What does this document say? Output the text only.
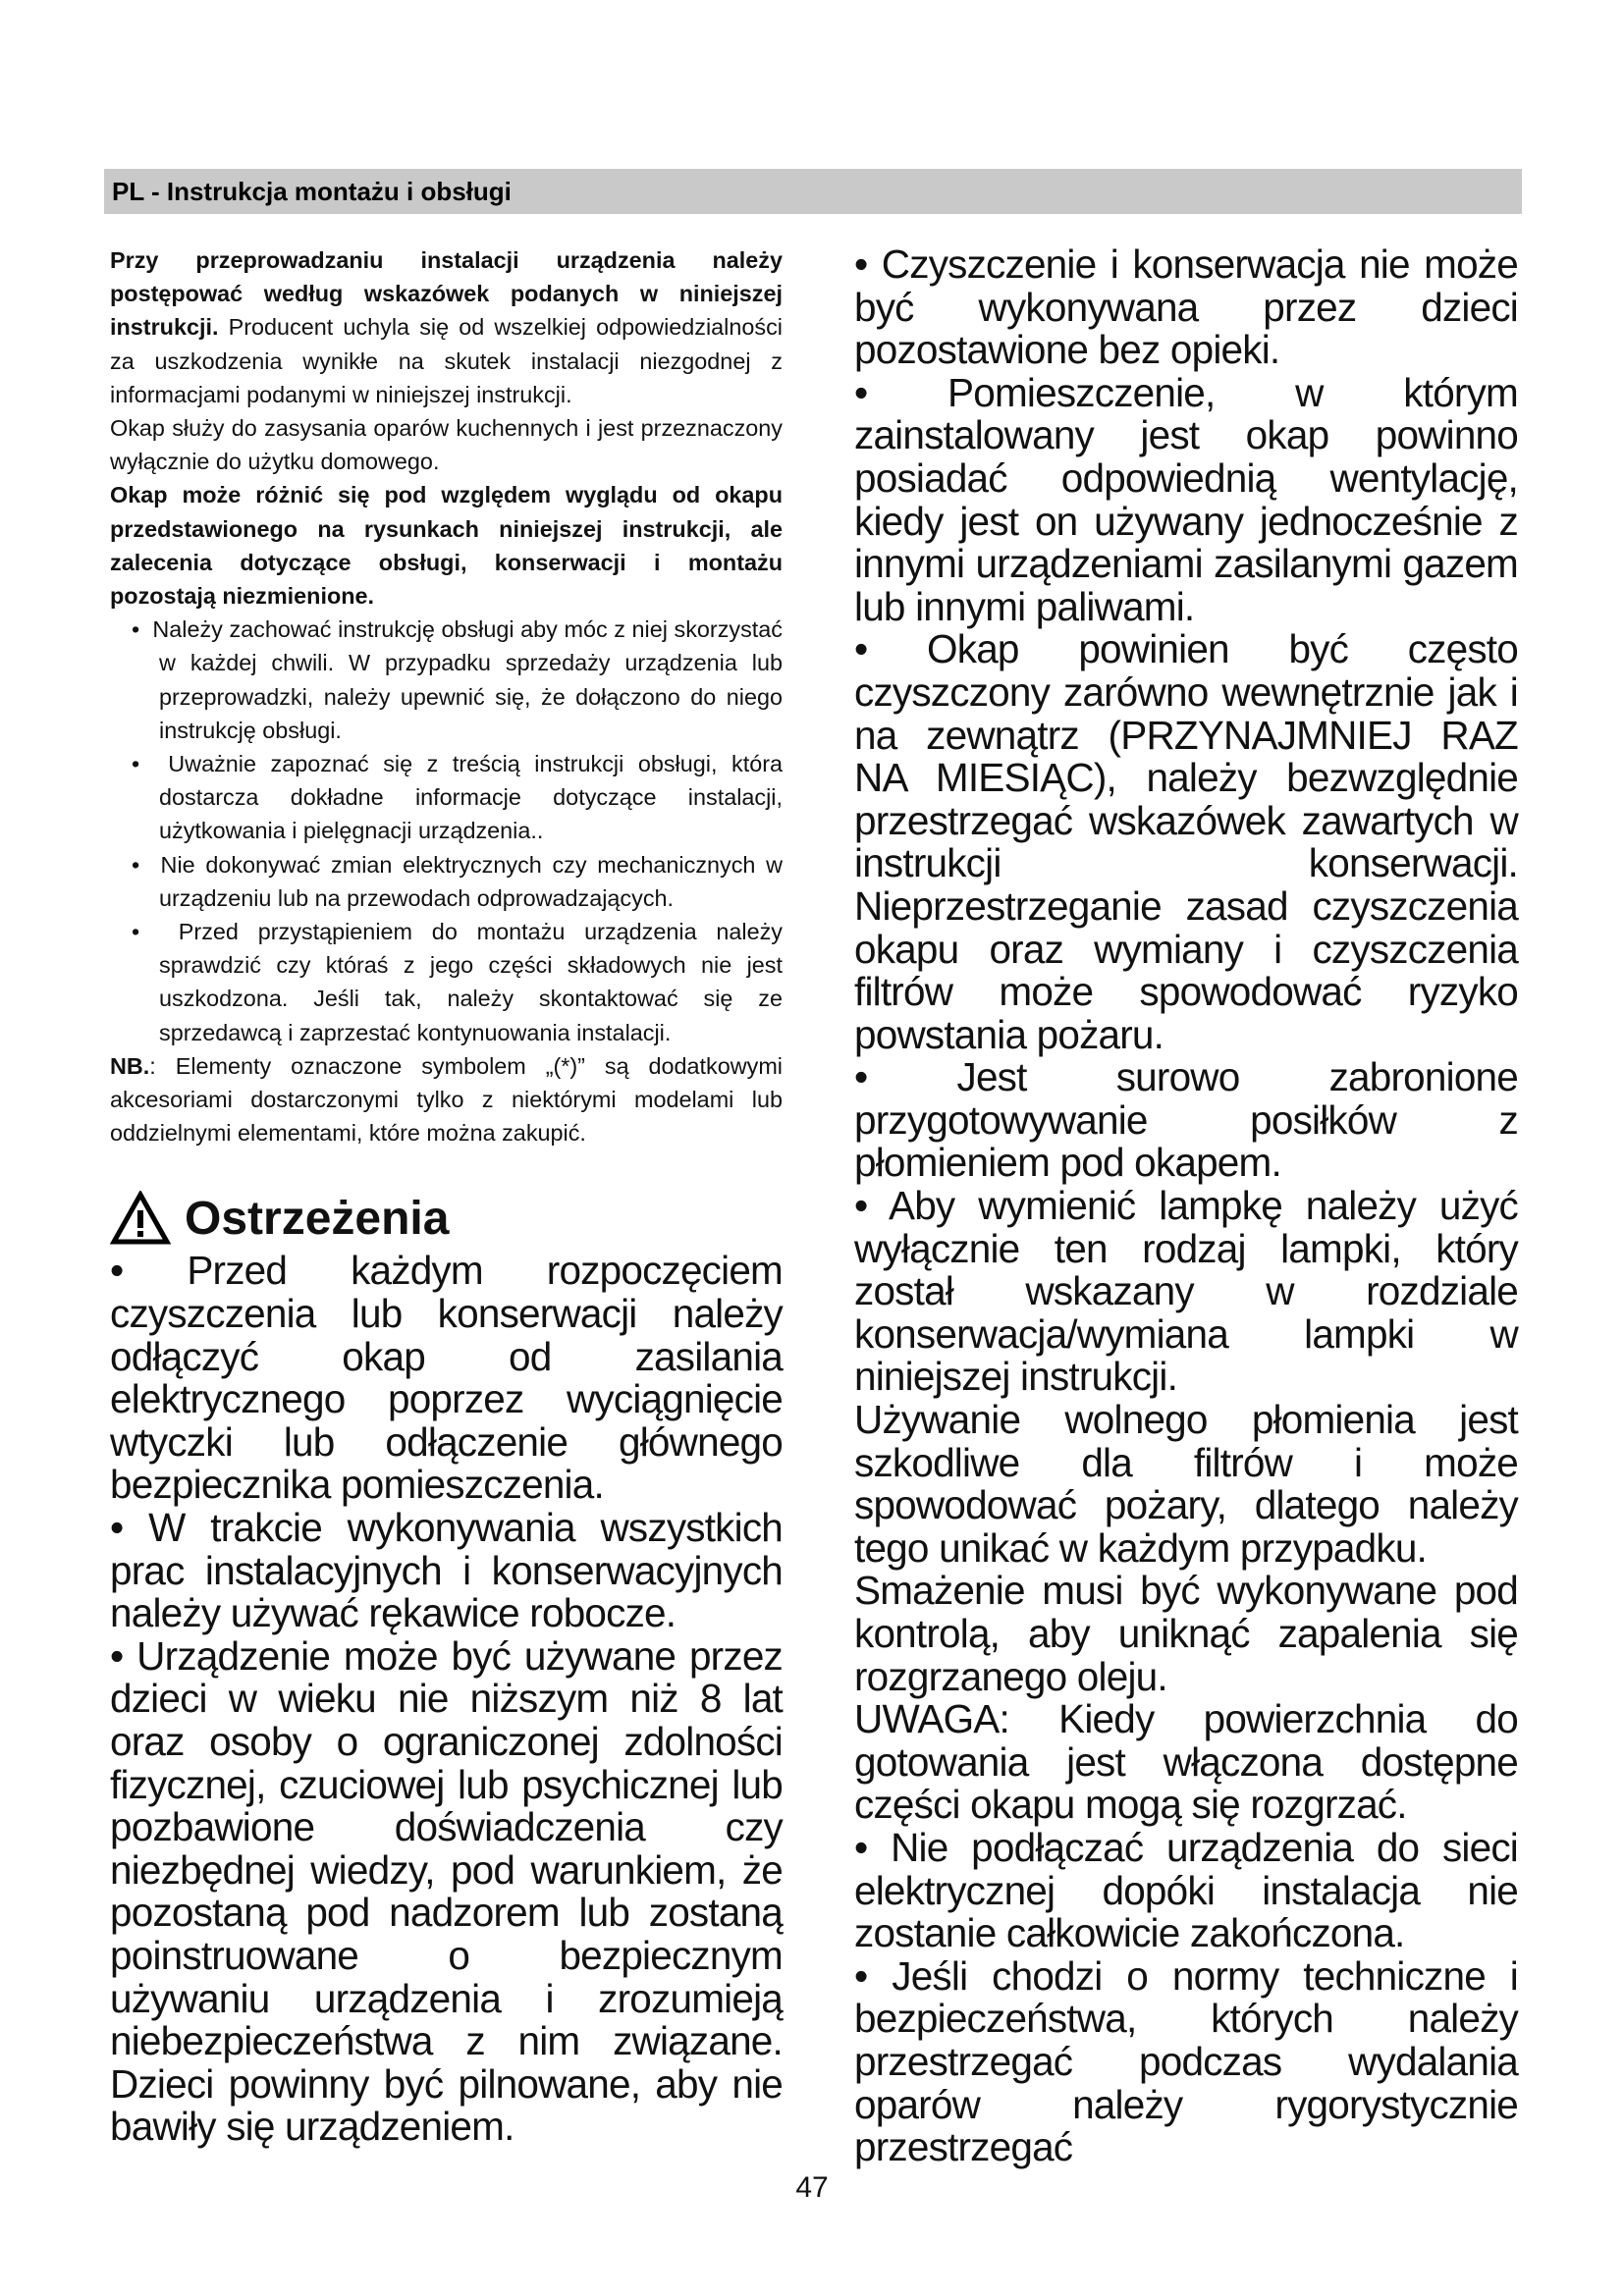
PL - Instrukcja montażu i obsługi

Przy przeprowadzaniu instalacji urządzenia należy postępować według wskazówek podanych w niniejszej instrukcji. Producent uchyla się od wszelkiej odpowiedzialności za uszkodzenia wynikłe na skutek instalacji niezgodnej z informacjami podanymi w niniejszej instrukcji.

Okap służy do zasysania oparów kuchennych i jest przeznaczony wyłącznie do użytku domowego.

Okap może różnić się pod względem wyglądu od okapu przedstawionego na rysunkach niniejszej instrukcji, ale zalecenia dotyczące obsługi, konserwacji i montażu pozostają niezmienione.

•  Należy zachować instrukcję obsługi aby móc z niej skorzystać w każdej chwili. W przypadku sprzedaży urządzenia lub przeprowadzki, należy upewnić się, że dołączono do niego instrukcję obsługi.
•  Uważnie zapoznać się z treścią instrukcji obsługi, która dostarcza dokładne informacje dotyczące instalacji, użytkowania i pielęgnacji urządzenia..
•  Nie dokonywać zmian elektrycznych czy mechanicznych w urządzeniu lub na przewodach odprowadzających.
•  Przed przystąpieniem do montażu urządzenia należy sprawdzić czy któraś z jego części składowych nie jest uszkodzona. Jeśli tak, należy skontaktować się ze sprzedawcą i zaprzestać kontynuowania instalacji.

NB.: Elementy oznaczone symbolem „(*)” są dodatkowymi akcesoriami dostarczonymi tylko z niektórymi modelami lub oddzielnymi elementami, które można zakupić.

Ostrzeżenia

• Przed każdym rozpoczęciem czyszczenia lub konserwacji należy odłączyć okap od zasilania elektrycznego poprzez wyciągnięcie wtyczki lub odłączenie głównego bezpiecznika pomieszczenia.

• W trakcie wykonywania wszystkich prac instalacyjnych i konserwacyjnych należy używać rękawice robocze.

• Urządzenie może być używane przez dzieci w wieku nie niższym niż 8 lat oraz osoby o ograniczonej zdolności fizycznej, czuciowej lub psychicznej lub pozbawione doświadczenia czy niezbędnej wiedzy, pod warunkiem, że pozostaną pod nadzorem lub zostaną poinstruowane o bezpiecznym używaniu urządzenia i zrozumieją niebezpieczeństwa z nim związane. Dzieci powinny być pilnowane, aby nie bawiły się urządzeniem.

• Czyszczenie i konserwacja nie może być wykonywana przez dzieci pozostawione bez opieki.

• Pomieszczenie, w którym zainstalowany jest okap powinno posiadać odpowiednią wentylację, kiedy jest on używany jednocześnie z innymi urządzeniami zasilanymi gazem lub innymi paliwami.

• Okap powinien być często czyszczony zarówno wewnętrznie jak i na zewnątrz (PRZYNAJMNIEJ RAZ NA MIESIĄC), należy bezwzględnie przestrzegać wskazówek zawartych w instrukcji konserwacji. Nieprzestrzeganie zasad czyszczenia okapu oraz wymiany i czyszczenia filtrów może spowodować ryzyko powstania pożaru.

• Jest surowo zabronione przygotowywanie posiłków z płomieniem pod okapem.

• Aby wymienić lampkę należy użyć wyłącznie ten rodzaj lampki, który został wskazany w rozdziale konserwacja/wymiana lampki w niniejszej instrukcji.

Używanie wolnego płomienia jest szkodliwe dla filtrów i może spowodować pożary, dlatego należy tego unikać w każdym przypadku.

Smażenie musi być wykonywane pod kontrolą, aby uniknąć zapalenia się rozgrzanego oleju.

UWAGA: Kiedy powierzchnia do gotowania jest włączona dostępne części okapu mogą się rozgrzać.

• Nie podłączać urządzenia do sieci elektrycznej dopóki instalacja nie zostanie całkowicie zakończona.

• Jeśli chodzi o normy techniczne i bezpieczeństwa, których należy przestrzegać podczas wydalania oparów należy rygorystycznie przestrzegać

47
